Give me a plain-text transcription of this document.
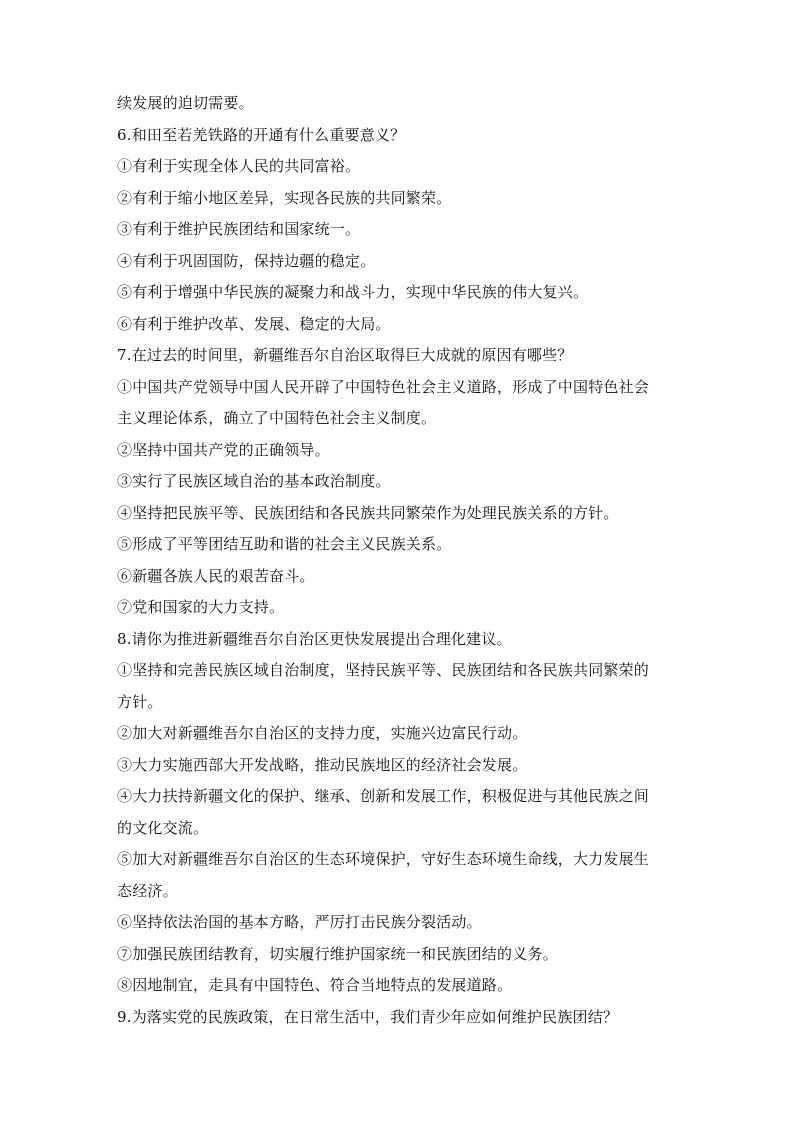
续发展的迫切需要。
6.和田至若羌铁路的开通有什么重要意义？
①有利于实现全体人民的共同富裕。
②有利于缩小地区差异，实现各民族的共同繁荣。
③有利于维护民族团结和国家统一。
④有利于巩固国防，保持边疆的稳定。
⑤有利于增强中华民族的凝聚力和战斗力，实现中华民族的伟大复兴。
⑥有利于维护改革、发展、稳定的大局。
7.在过去的时间里，新疆维吾尔自治区取得巨大成就的原因有哪些？
①中国共产党领导中国人民开辟了中国特色社会主义道路，形成了中国特色社会
主义理论体系，确立了中国特色社会主义制度。
②坚持中国共产党的正确领导。
③实行了民族区域自治的基本政治制度。
④坚持把民族平等、民族团结和各民族共同繁荣作为处理民族关系的方针。
⑤形成了平等团结互助和谐的社会主义民族关系。
⑥新疆各族人民的艰苦奋斗。
⑦党和国家的大力支持。
8.请你为推进新疆维吾尔自治区更快发展提出合理化建议。
①坚持和完善民族区域自治制度，坚持民族平等、民族团结和各民族共同繁荣的
方针。
②加大对新疆维吾尔自治区的支持力度，实施兴边富民行动。
③大力实施西部大开发战略，推动民族地区的经济社会发展。
④大力扶持新疆文化的保护、继承、创新和发展工作，积极促进与其他民族之间
的文化交流。
⑤加大对新疆维吾尔自治区的生态环境保护，守好生态环境生命线，大力发展生
态经济。
⑥坚持依法治国的基本方略，严厉打击民族分裂活动。
⑦加强民族团结教育，切实履行维护国家统一和民族团结的义务。
⑧因地制宜，走具有中国特色、符合当地特点的发展道路。
9.为落实党的民族政策，在日常生活中，我们青少年应如何维护民族团结？
